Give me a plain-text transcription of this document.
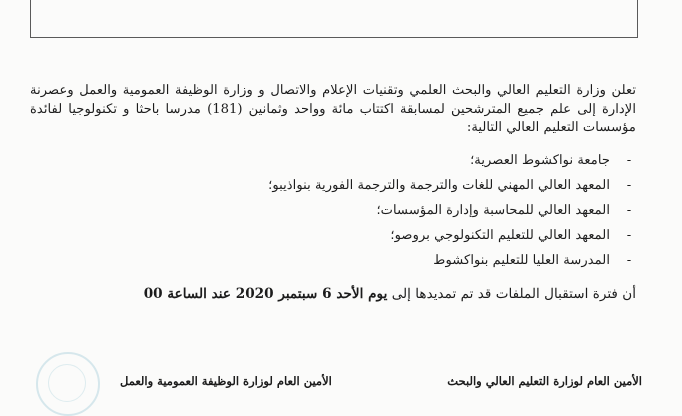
تعلن وزارة التعليم العالي والبحث العلمي وتقنيات الإعلام والاتصال و وزارة الوظيفة العمومية والعمل وعصرنة الإدارة إلى علم جميع المترشحين لمسابقة اكتتاب مائة وواحد وثمانين (181) مدرسا باحثا و تكنولوجيا لفائدة مؤسسات التعليم العالي التالية:
-
جامعة نواكشوط العصرية؛
-
المعهد العالي المهني للغات والترجمة والترجمة الفورية بنواذيبو؛
-
المعهد العالي للمحاسبة وإدارة المؤسسات؛
-
المعهد العالي للتعليم التكنولوجي بروصو؛
-
المدرسة العليا للتعليم بنواكشوط
أن فترة استقبال الملفات قد تم تمديدها إلى يوم الأحد 6 سبتمبر 2020 عند الساعة 00
الأمين العام لوزارة التعليم العالي والبحث
الأمين العام لوزارة الوظيفة العمومية والعمل
